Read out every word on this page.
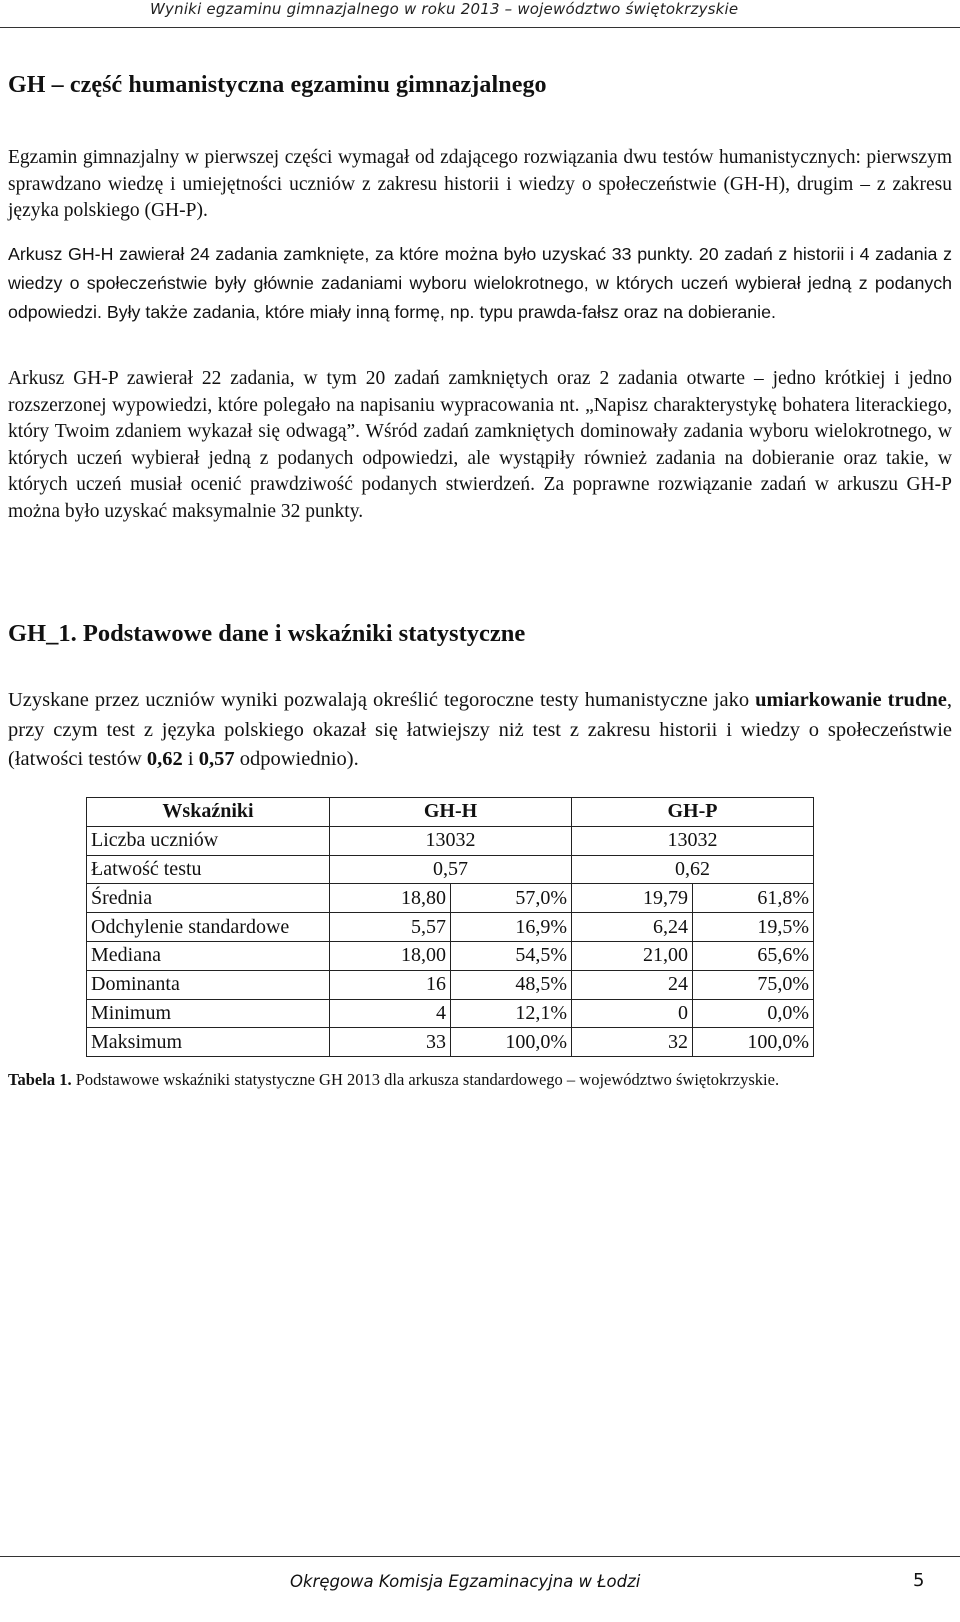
Wyniki egzaminu gimnazjalnego w roku 2013 – województwo świętokrzyskie
GH – część humanistyczna egzaminu gimnazjalnego

Egzamin gimnazjalny w pierwszej części wymagał od zdającego rozwiązania dwu testów humanistycznych: pierwszym sprawdzano wiedzę i umiejętności uczniów z zakresu historii i wiedzy o społeczeństwie (GH-H), drugim – z zakresu języka polskiego (GH-P).

Arkusz GH-H zawierał 24 zadania zamknięte, za które można było uzyskać 33 punkty. 20 zadań z historii i 4 zadania z wiedzy o społeczeństwie były głównie zadaniami wyboru wielokrotnego, w których uczeń wybierał jedną z podanych odpowiedzi. Były także zadania, które miały inną formę, np. typu prawda-fałsz oraz na dobieranie.

Arkusz GH-P zawierał 22 zadania, w tym 20 zadań zamkniętych oraz 2 zadania otwarte – jedno krótkiej i jedno rozszerzonej wypowiedzi, które polegało na napisaniu wypracowania nt. „Napisz charakterystykę bohatera literackiego, który Twoim zdaniem wykazał się odwagą”. Wśród zadań zamkniętych dominowały zadania wyboru wielokrotnego, w których uczeń wybierał jedną z podanych odpowiedzi, ale wystąpiły również zadania na dobieranie oraz takie, w których uczeń musiał ocenić prawdziwość podanych stwierdzeń. Za poprawne rozwiązanie zadań w arkuszu GH-P można było uzyskać maksymalnie 32 punkty.

GH_1. Podstawowe dane i wskaźniki statystyczne

Uzyskane przez uczniów wyniki pozwalają określić tegoroczne testy humanistyczne jako umiarkowanie trudne, przy czym test z języka polskiego okazał się łatwiejszy niż test z zakresu historii i wiedzy o społeczeństwie (łatwości testów 0,62 i 0,57 odpowiednio).

Wskaźniki	GH-H		GH-P	
Liczba uczniów	13032		13032	
Łatwość testu	0,57		0,62	
Średnia	18,80	57,0%	19,79	61,8%
Odchylenie standardowe	5,57	16,9%	6,24	19,5%
Mediana	18,00	54,5%	21,00	65,6%
Dominanta	16	48,5%	24	75,0%
Minimum	4	12,1%	0	0,0%
Maksimum	33	100,0%	32	100,0%

Tabela 1. Podstawowe wskaźniki statystyczne GH 2013 dla arkusza standardowego – województwo świętokrzyskie.

Okręgowa Komisja Egzaminacyjna w Łodzi	5
